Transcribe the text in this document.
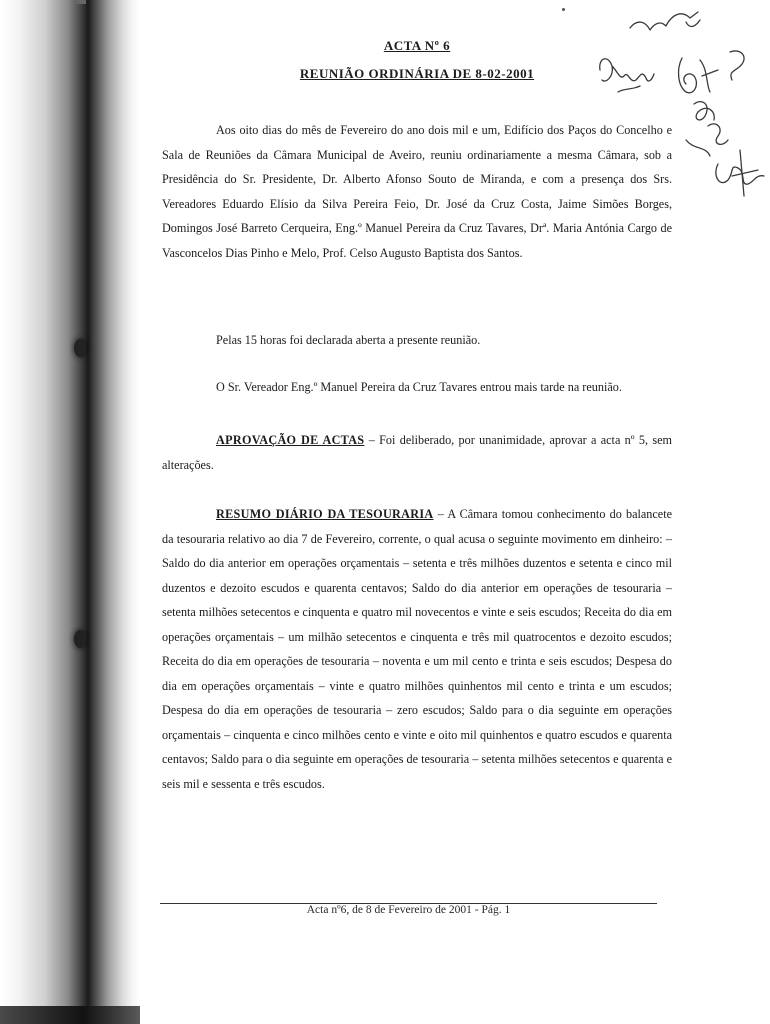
ACTA Nº 6
REUNIÃO ORDINÁRIA DE 8-02-2001
Aos oito dias do mês de Fevereiro do ano dois mil e um, Edifício dos Paços do Concelho e Sala de Reuniões da Câmara Municipal de Aveiro, reuniu ordinariamente a mesma Câmara, sob a Presidência do Sr. Presidente, Dr. Alberto Afonso Souto de Miranda, e com a presença dos Srs. Vereadores Eduardo Elísio da Silva Pereira Feio, Dr. José da Cruz Costa, Jaime Simões Borges, Domingos José Barreto Cerqueira, Eng.º Manuel Pereira da Cruz Tavares, Drª. Maria Antónia Cargo de Vasconcelos Dias Pinho e Melo, Prof. Celso Augusto Baptista dos Santos.
Pelas 15 horas foi declarada aberta a presente reunião.
O Sr. Vereador Eng.º Manuel Pereira da Cruz Tavares entrou mais tarde na reunião.
APROVAÇÃO DE ACTAS – Foi deliberado, por unanimidade, aprovar a acta nº 5, sem alterações.
RESUMO DIÁRIO DA TESOURARIA – A Câmara tomou conhecimento do balancete da tesouraria relativo ao dia 7 de Fevereiro, corrente, o qual acusa o seguinte movimento em dinheiro: – Saldo do dia anterior em operações orçamentais – setenta e três milhões duzentos e setenta e cinco mil duzentos e dezoito escudos e quarenta centavos; Saldo do dia anterior em operações de tesouraria – setenta milhões setecentos e cinquenta e quatro mil novecentos e vinte e seis escudos; Receita do dia em operações orçamentais – um milhão setecentos e cinquenta e três mil quatrocentos e dezoito escudos; Receita do dia em operações de tesouraria – noventa e um mil cento e trinta e seis escudos; Despesa do dia em operações orçamentais – vinte e quatro milhões quinhentos mil cento e trinta e um escudos; Despesa do dia em operações de tesouraria – zero escudos; Saldo para o dia seguinte em operações orçamentais – cinquenta e cinco milhões cento e vinte e oito mil quinhentos e quatro escudos e quarenta centavos; Saldo para o dia seguinte em operações de tesouraria – setenta milhões setecentos e quarenta e seis mil e sessenta e três escudos.
Acta nº6, de 8 de Fevereiro de 2001 - Pág. 1
